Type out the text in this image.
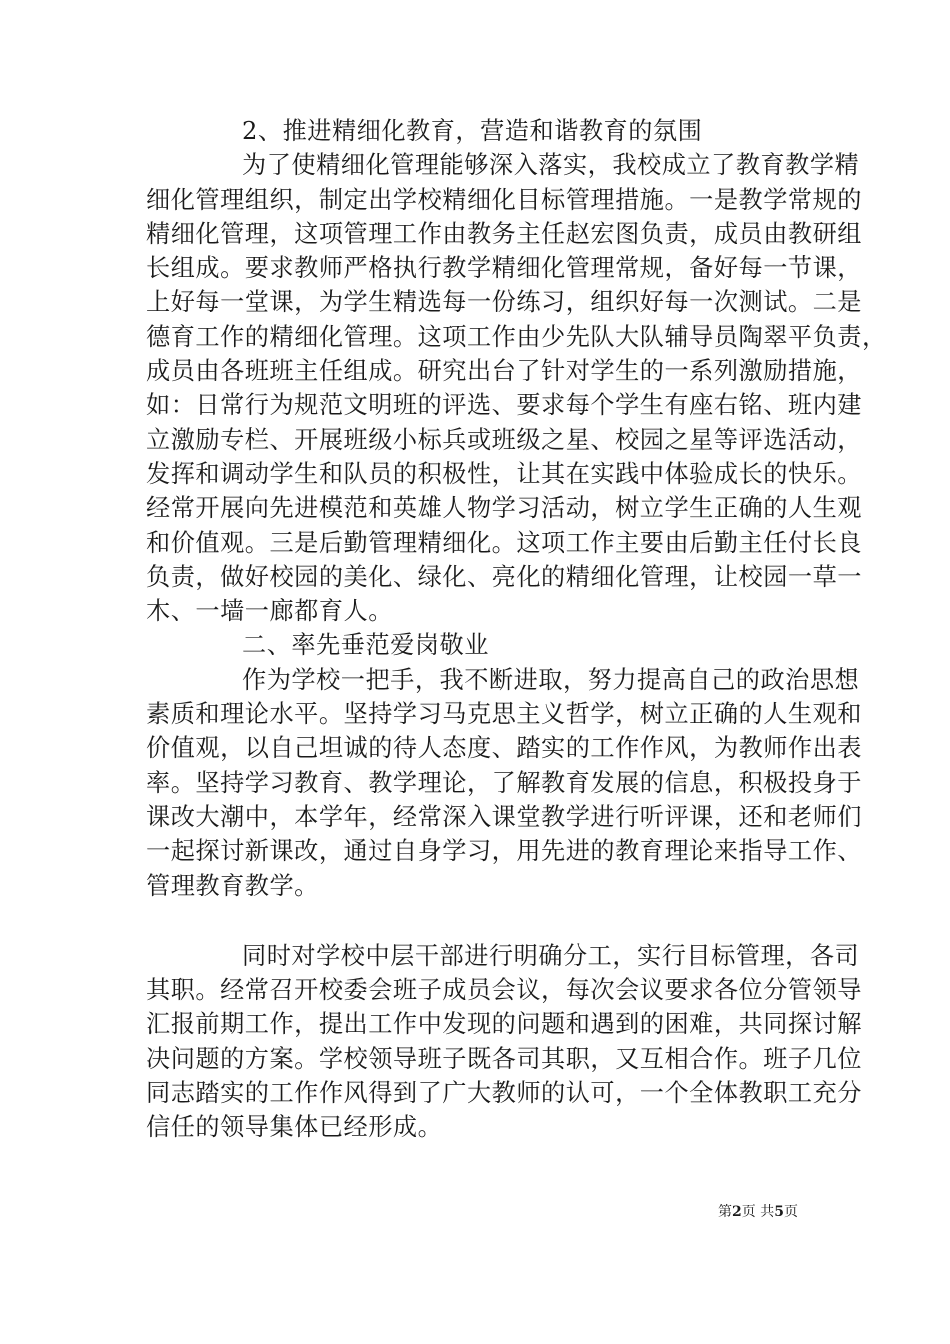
2、推进精细化教育，营造和谐教育的氛围
为了使精细化管理能够深入落实，我校成立了教育教学精
细化管理组织，制定出学校精细化目标管理措施。一是教学常规的
精细化管理，这项管理工作由教务主任赵宏图负责，成员由教研组
长组成。要求教师严格执行教学精细化管理常规，备好每一节课，
上好每一堂课，为学生精选每一份练习，组织好每一次测试。二是
德育工作的精细化管理。这项工作由少先队大队辅导员陶翠平负责，
成员由各班班主任组成。研究出台了针对学生的一系列激励措施，
如：日常行为规范文明班的评选、要求每个学生有座右铭、班内建
立激励专栏、开展班级小标兵或班级之星、校园之星等评选活动，
发挥和调动学生和队员的积极性，让其在实践中体验成长的快乐。
经常开展向先进模范和英雄人物学习活动，树立学生正确的人生观
和价值观。三是后勤管理精细化。这项工作主要由后勤主任付长良
负责，做好校园的美化、绿化、亮化的精细化管理，让校园一草一
木、一墙一廊都育人。
二、率先垂范爱岗敬业
作为学校一把手，我不断进取，努力提高自己的政治思想
素质和理论水平。坚持学习马克思主义哲学，树立正确的人生观和
价值观，以自己坦诚的待人态度、踏实的工作作风，为教师作出表
率。坚持学习教育、教学理论，了解教育发展的信息，积极投身于
课改大潮中，本学年，经常深入课堂教学进行听评课，还和老师们
一起探讨新课改，通过自身学习，用先进的教育理论来指导工作、
管理教育教学。
同时对学校中层干部进行明确分工，实行目标管理，各司
其职。经常召开校委会班子成员会议，每次会议要求各位分管领导
汇报前期工作，提出工作中发现的问题和遇到的困难，共同探讨解
决问题的方案。学校领导班子既各司其职，又互相合作。班子几位
同志踏实的工作作风得到了广大教师的认可，一个全体教职工充分
信任的领导集体已经形成。
第2页 共5页
